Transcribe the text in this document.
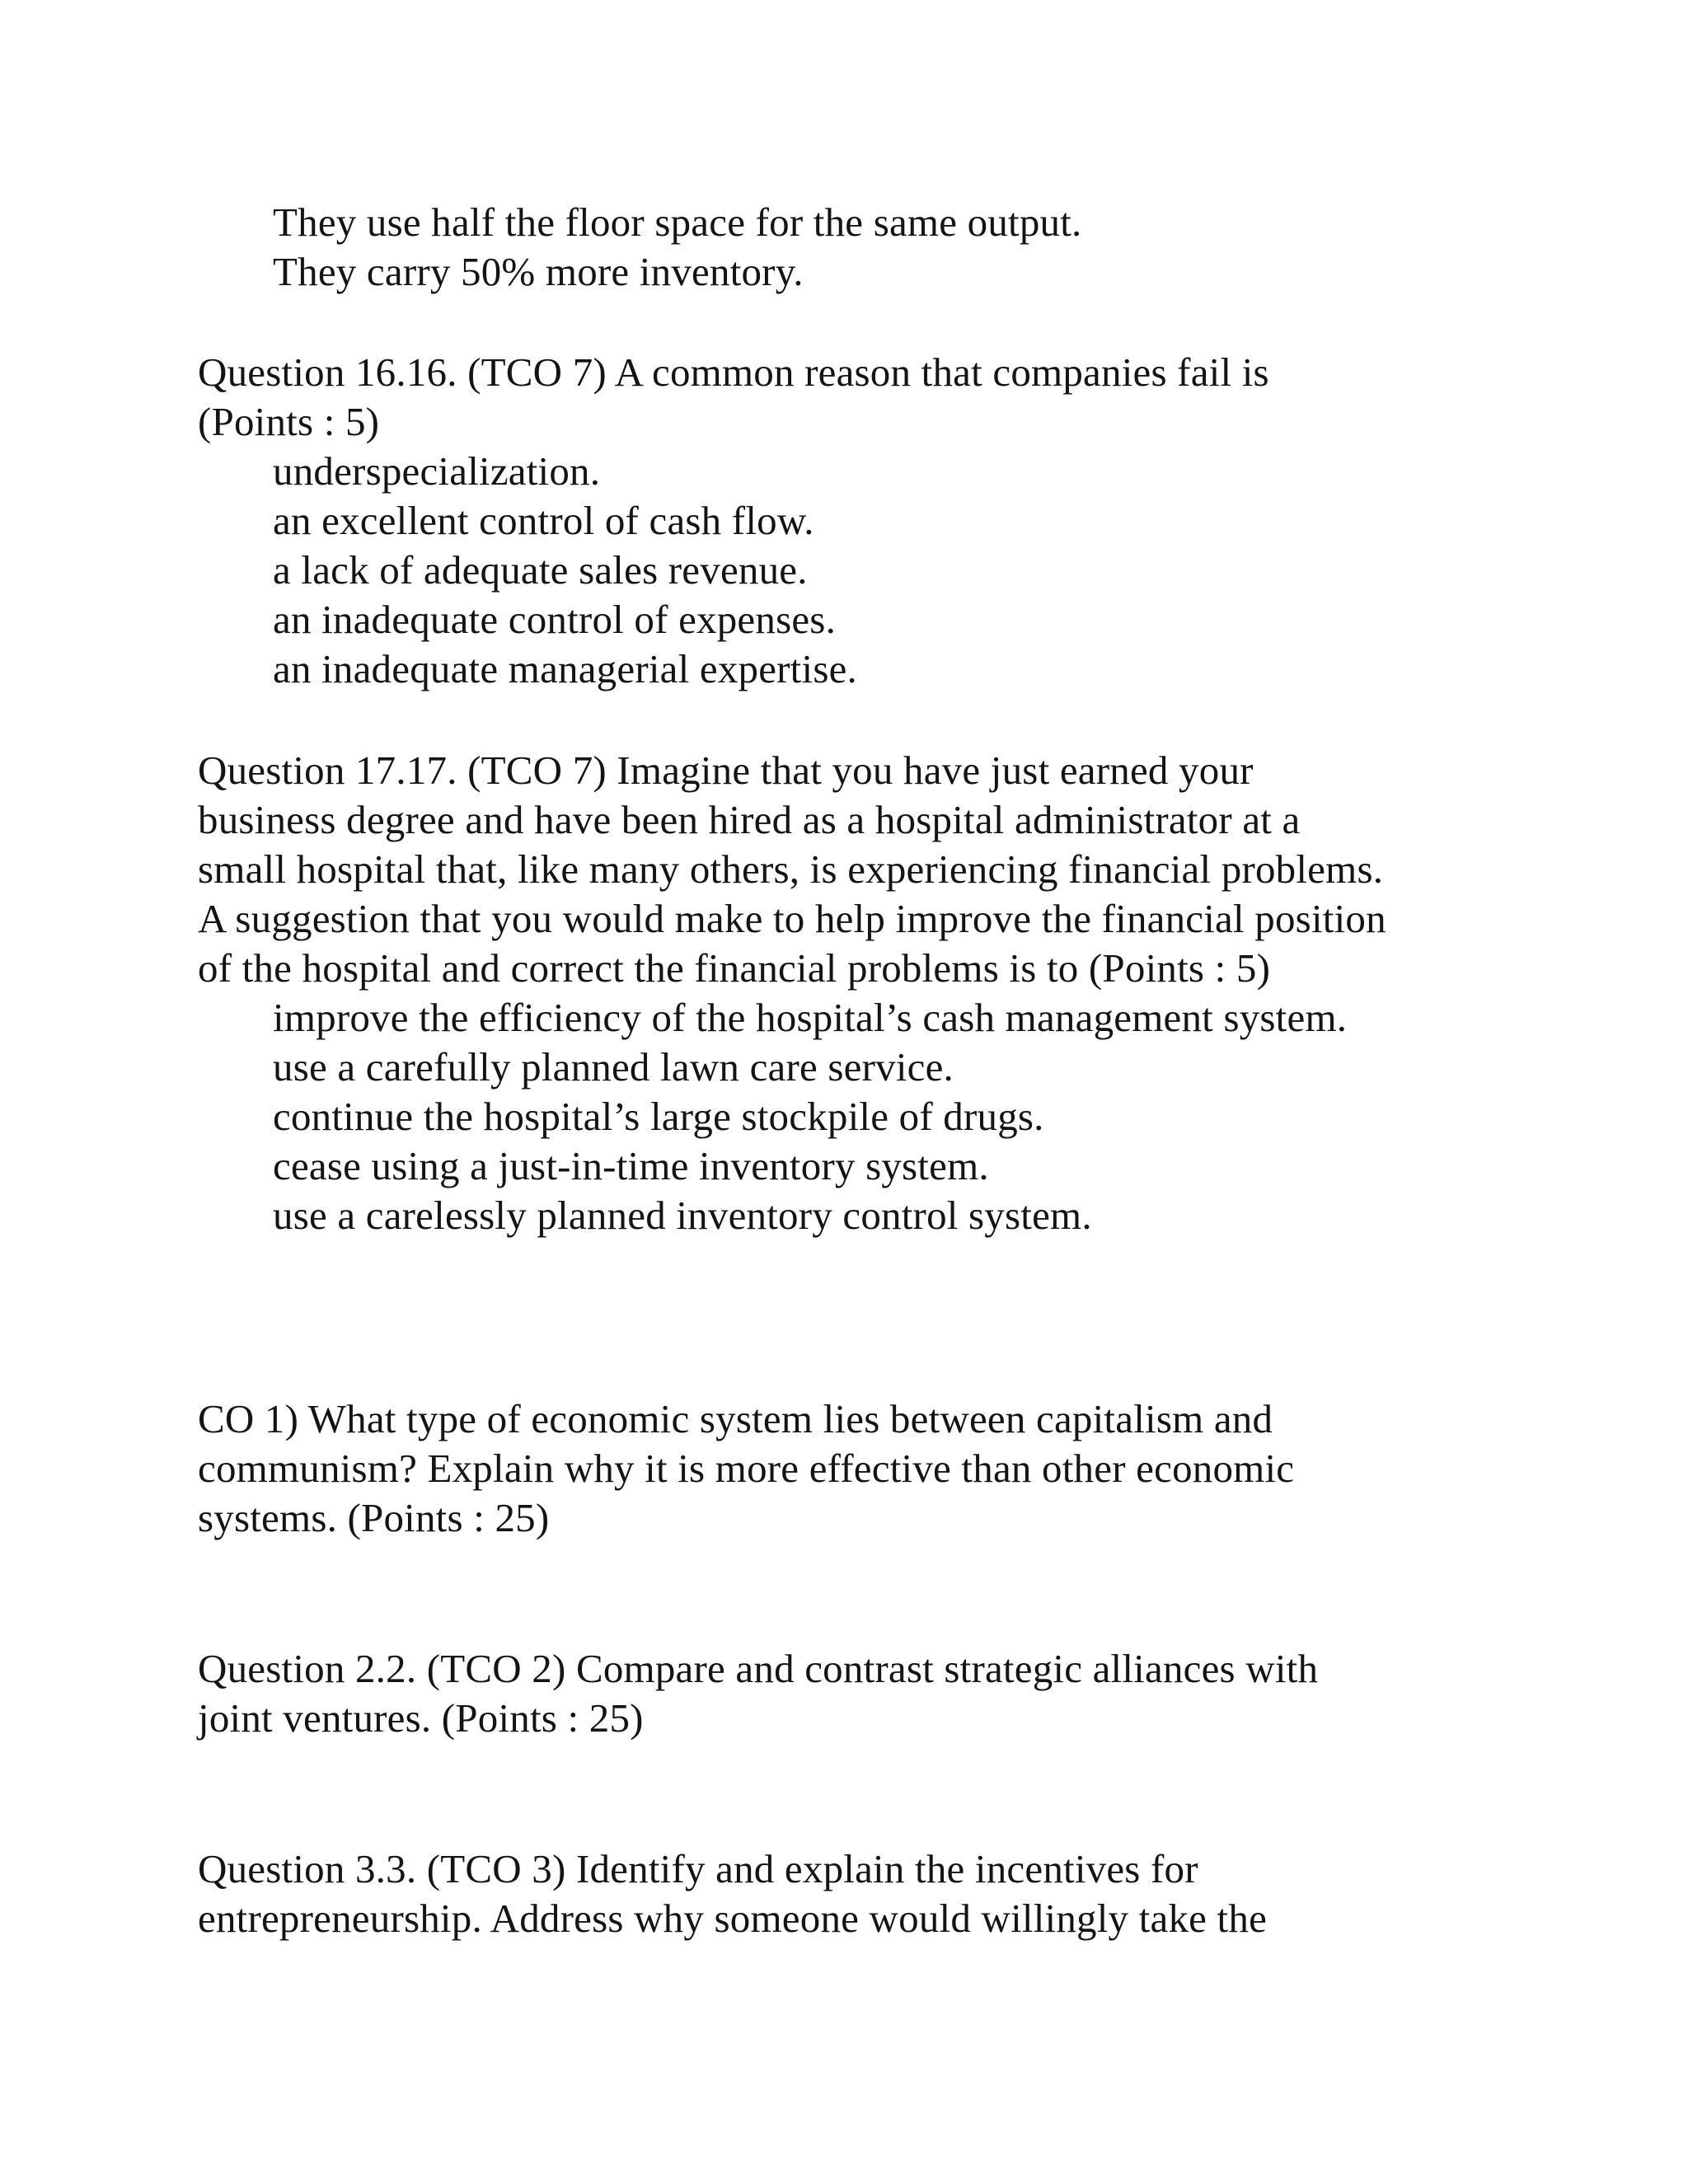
They use half the floor space for the same output.
They carry 50% more inventory.
Question 16.16. (TCO 7) A common reason that companies fail is
(Points : 5)
underspecialization.
an excellent control of cash flow.
a lack of adequate sales revenue.
an inadequate control of expenses.
an inadequate managerial expertise.
Question 17.17. (TCO 7) Imagine that you have just earned your
business degree and have been hired as a hospital administrator at a
small hospital that, like many others, is experiencing financial problems.
A suggestion that you would make to help improve the financial position
of the hospital and correct the financial problems is to (Points : 5)
improve the efficiency of the hospital’s cash management system.
use a carefully planned lawn care service.
continue the hospital’s large stockpile of drugs.
cease using a just-in-time inventory system.
use a carelessly planned inventory control system.
CO 1) What type of economic system lies between capitalism and
communism? Explain why it is more effective than other economic
systems. (Points : 25)
Question 2.2. (TCO 2) Compare and contrast strategic alliances with
joint ventures. (Points : 25)
Question 3.3. (TCO 3) Identify and explain the incentives for
entrepreneurship. Address why someone would willingly take the
